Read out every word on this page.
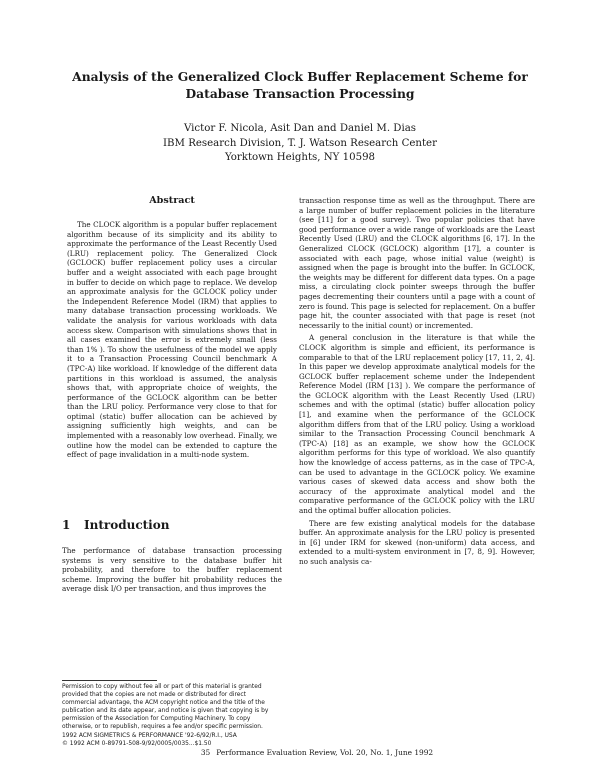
Analysis of the Generalized Clock Buffer Replacement Scheme for Database Transaction Processing
Victor F. Nicola, Asit Dan and Daniel M. Dias
IBM Research Division, T. J. Watson Research Center
Yorktown Heights, NY 10598
Abstract

The CLOCK algorithm is a popular buffer replacement algorithm because of its simplicity and its ability to approximate the performance of the Least Recently Used (LRU) replacement policy. The Generalized Clock (GCLOCK) buffer replacement policy uses a circular buffer and a weight associated with each page brought in buffer to decide on which page to replace. We develop an approximate analysis for the GCLOCK policy under the Independent Reference Model (IRM) that applies to many database transaction processing workloads. We validate the analysis for various workloads with data access skew. Comparison with simulations shows that in all cases examined the error is extremely small (less than 1% ). To show the usefulness of the model we apply it to a Transaction Processing Council benchmark A (TPC-A) like workload. If knowledge of the different data partitions in this workload is assumed, the analysis shows that, with appropriate choice of weights, the performance of the GCLOCK algorithm can be better than the LRU policy. Performance very close to that for optimal (static) buffer allocation can be achieved by assigning sufficiently high weights, and can be implemented with a reasonably low overhead. Finally, we outline how the model can be extended to capture the effect of page invalidation in a multi-node system.

1 Introduction

The performance of database transaction processing systems is very sensitive to the database buffer hit probability, and therefore to the buffer replacement scheme. Improving the buffer hit probability reduces the average disk I/O per transaction, and thus improves the

transaction response time as well as the throughput. There are a large number of buffer replacement policies in the literature (see [11] for a good survey). Two popular policies that have good performance over a wide range of workloads are the Least Recently Used (LRU) and the CLOCK algorithms [6, 17]. In the Generalized CLOCK (GCLOCK) algorithm [17], a counter is associated with each page, whose initial value (weight) is assigned when the page is brought into the buffer. In GCLOCK, the weights may be different for different data types. On a page miss, a circulating clock pointer sweeps through the buffer pages decrementing their counters until a page with a count of zero is found. This page is selected for replacement. On a buffer page hit, the counter associated with that page is reset (not necessarily to the initial count) or incremented.

A general conclusion in the literature is that while the CLOCK algorithm is simple and efficient, its performance is comparable to that of the LRU replacement policy [17, 11, 2, 4]. In this paper we develop approximate analytical models for the GCLOCK buffer replacement scheme under the Independent Reference Model (IRM [13] ). We compare the performance of the GCLOCK algorithm with the Least Recently Used (LRU) schemes and with the optimal (static) buffer allocation policy [1], and examine when the performance of the GCLOCK algorithm differs from that of the LRU policy. Using a workload similar to the Transaction Processing Council benchmark A (TPC-A) [18] as an example, we show how the GCLOCK algorithm performs for this type of workload. We also quantify how the knowledge of access patterns, as in the case of TPC-A, can be used to advantage in the GCLOCK policy. We examine various cases of skewed data access and show both the accuracy of the approximate analytical model and the comparative performance of the GCLOCK policy with the LRU and the optimal buffer allocation policies.

There are few existing analytical models for the database buffer. An approximate analysis for the LRU policy is presented in [6] under IRM for skewed (non-uniform) data access, and extended to a multi-system environment in [7, 8, 9]. However, no such analysis ca-

Permission to copy without fee all or part of this material is granted provided that the copies are not made or distributed for direct commercial advantage, the ACM copyright notice and the title of the publication and its date appear, and notice is given that copying is by permission of the Association for Computing Machinery. To copy otherwise, or to republish, requires a fee and/or specific permission.

1992 ACM SIGMETRICS & PERFORMANCE '92-6/92/R.I., USA

© 1992 ACM 0-89791-508-9/92/0005/0035...$1.50

35 Performance Evaluation Review, Vol. 20, No. 1, June 1992
